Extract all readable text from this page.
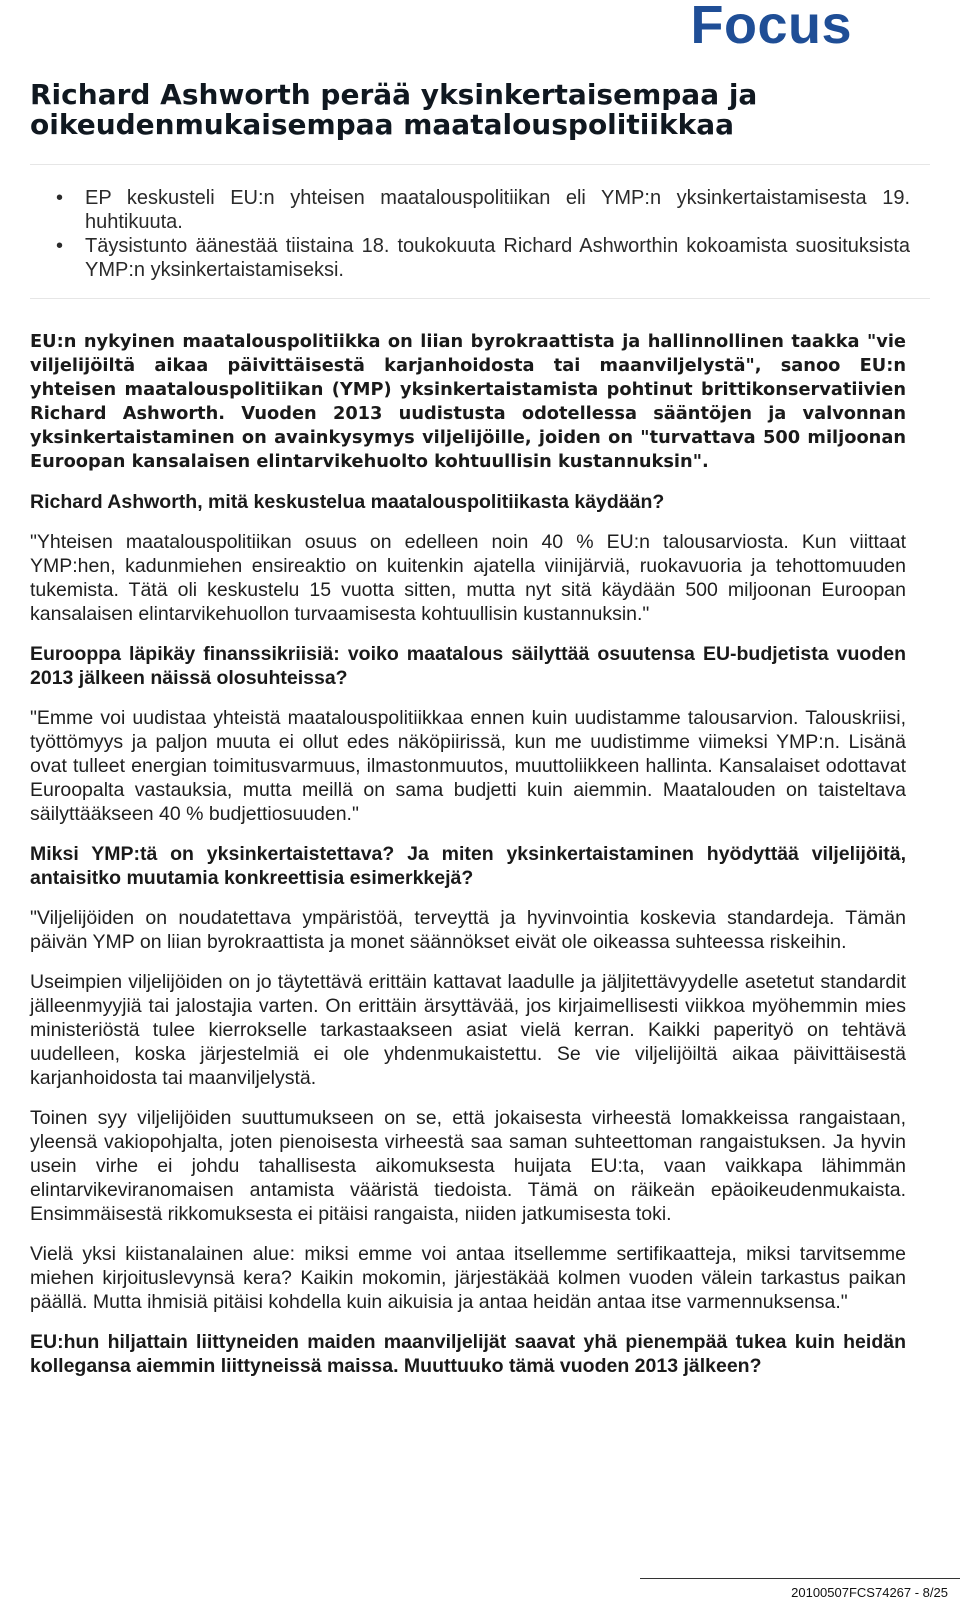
Focus
Richard Ashworth perää yksinkertaisempaa ja oikeudenmukaisempaa maatalouspolitiikkaa
• EP keskusteli EU:n yhteisen maatalouspolitiikan eli YMP:n yksinkertaistamisesta 19. huhtikuuta.
• Täysistunto äänestää tiistaina 18. toukokuuta Richard Ashworthin kokoamista suosituksista YMP:n yksinkertaistamiseksi.

EU:n nykyinen maatalouspolitiikka on liian byrokraattista ja hallinnollinen taakka "vie viljelijöiltä aikaa päivittäisestä karjanhoidosta tai maanviljelystä", sanoo EU:n yhteisen maatalouspolitiikan (YMP) yksinkertaistamista pohtinut brittikonservatiivien Richard Ashworth. Vuoden 2013 uudistusta odotellessa sääntöjen ja valvonnan yksinkertaistaminen on avainkysymys viljelijöille, joiden on "turvattava 500 miljoonan Euroopan kansalaisen elintarvikehuolto kohtuullisin kustannuksin".

Richard Ashworth, mitä keskustelua maatalouspolitiikasta käydään?

"Yhteisen maatalouspolitiikan osuus on edelleen noin 40 % EU:n talousarviosta. Kun viittaat YMP:hen, kadunmiehen ensireaktio on kuitenkin ajatella viinijärviä, ruokavuoria ja tehottomuuden tukemista. Tätä oli keskustelu 15 vuotta sitten, mutta nyt sitä käydään 500 miljoonan Euroopan kansalaisen elintarvikehuollon turvaamisesta kohtuullisin kustannuksin."

Eurooppa läpikäy finanssikriisiä: voiko maatalous säilyttää osuutensa EU-budjetista vuoden 2013 jälkeen näissä olosuhteissa?

"Emme voi uudistaa yhteistä maatalouspolitiikkaa ennen kuin uudistamme talousarvion. Talouskriisi, työttömyys ja paljon muuta ei ollut edes näköpiirissä, kun me uudistimme viimeksi YMP:n. Lisänä ovat tulleet energian toimitusvarmuus, ilmastonmuutos, muuttoliikkeen hallinta. Kansalaiset odottavat Euroopalta vastauksia, mutta meillä on sama budjetti kuin aiemmin. Maatalouden on taisteltava säilyttääkseen 40 % budjettiosuuden."

Miksi YMP:tä on yksinkertaistettava? Ja miten yksinkertaistaminen hyödyttää viljelijöitä, antaisitko muutamia konkreettisia esimerkkejä?

"Viljelijöiden on noudatettava ympäristöä, terveyttä ja hyvinvointia koskevia standardeja. Tämän päivän YMP on liian byrokraattista ja monet säännökset eivät ole oikeassa suhteessa riskeihin.

Useimpien viljelijöiden on jo täytettävä erittäin kattavat laadulle ja jäljitettävyydelle asetetut standardit jälleenmyyjiä tai jalostajia varten. On erittäin ärsyttävää, jos kirjaimellisesti viikkoa myöhemmin mies ministeriöstä tulee kierrokselle tarkastaakseen asiat vielä kerran. Kaikki paperityö on tehtävä uudelleen, koska järjestelmiä ei ole yhdenmukaistettu. Se vie viljelijöiltä aikaa päivittäisestä karjanhoidosta tai maanviljelystä.

Toinen syy viljelijöiden suuttumukseen on se, että jokaisesta virheestä lomakkeissa rangaistaan, yleensä vakiopohjalta, joten pienoisesta virheestä saa saman suhteettoman rangaistuksen. Ja hyvin usein virhe ei johdu tahallisesta aikomuksesta huijata EU:ta, vaan vaikkapa lähimmän elintarvikeviranomaisen antamista vääristä tiedoista. Tämä on räikeän epäoikeudenmukaista. Ensimmäisestä rikkomuksesta ei pitäisi rangaista, niiden jatkumisesta toki.

Vielä yksi kiistanalainen alue: miksi emme voi antaa itsellemme sertifikaatteja, miksi tarvitsemme miehen kirjoituslevynsä kera? Kaikin mokomin, järjestäkää kolmen vuoden välein tarkastus paikan päällä. Mutta ihmisiä pitäisi kohdella kuin aikuisia ja antaa heidän antaa itse varmennuksensa."

EU:hun hiljattain liittyneiden maiden maanviljelijät saavat yhä pienempää tukea kuin heidän kollegansa aiemmin liittyneissä maissa. Muuttuuko tämä vuoden 2013 jälkeen?

20100507FCS74267 - 8/25
